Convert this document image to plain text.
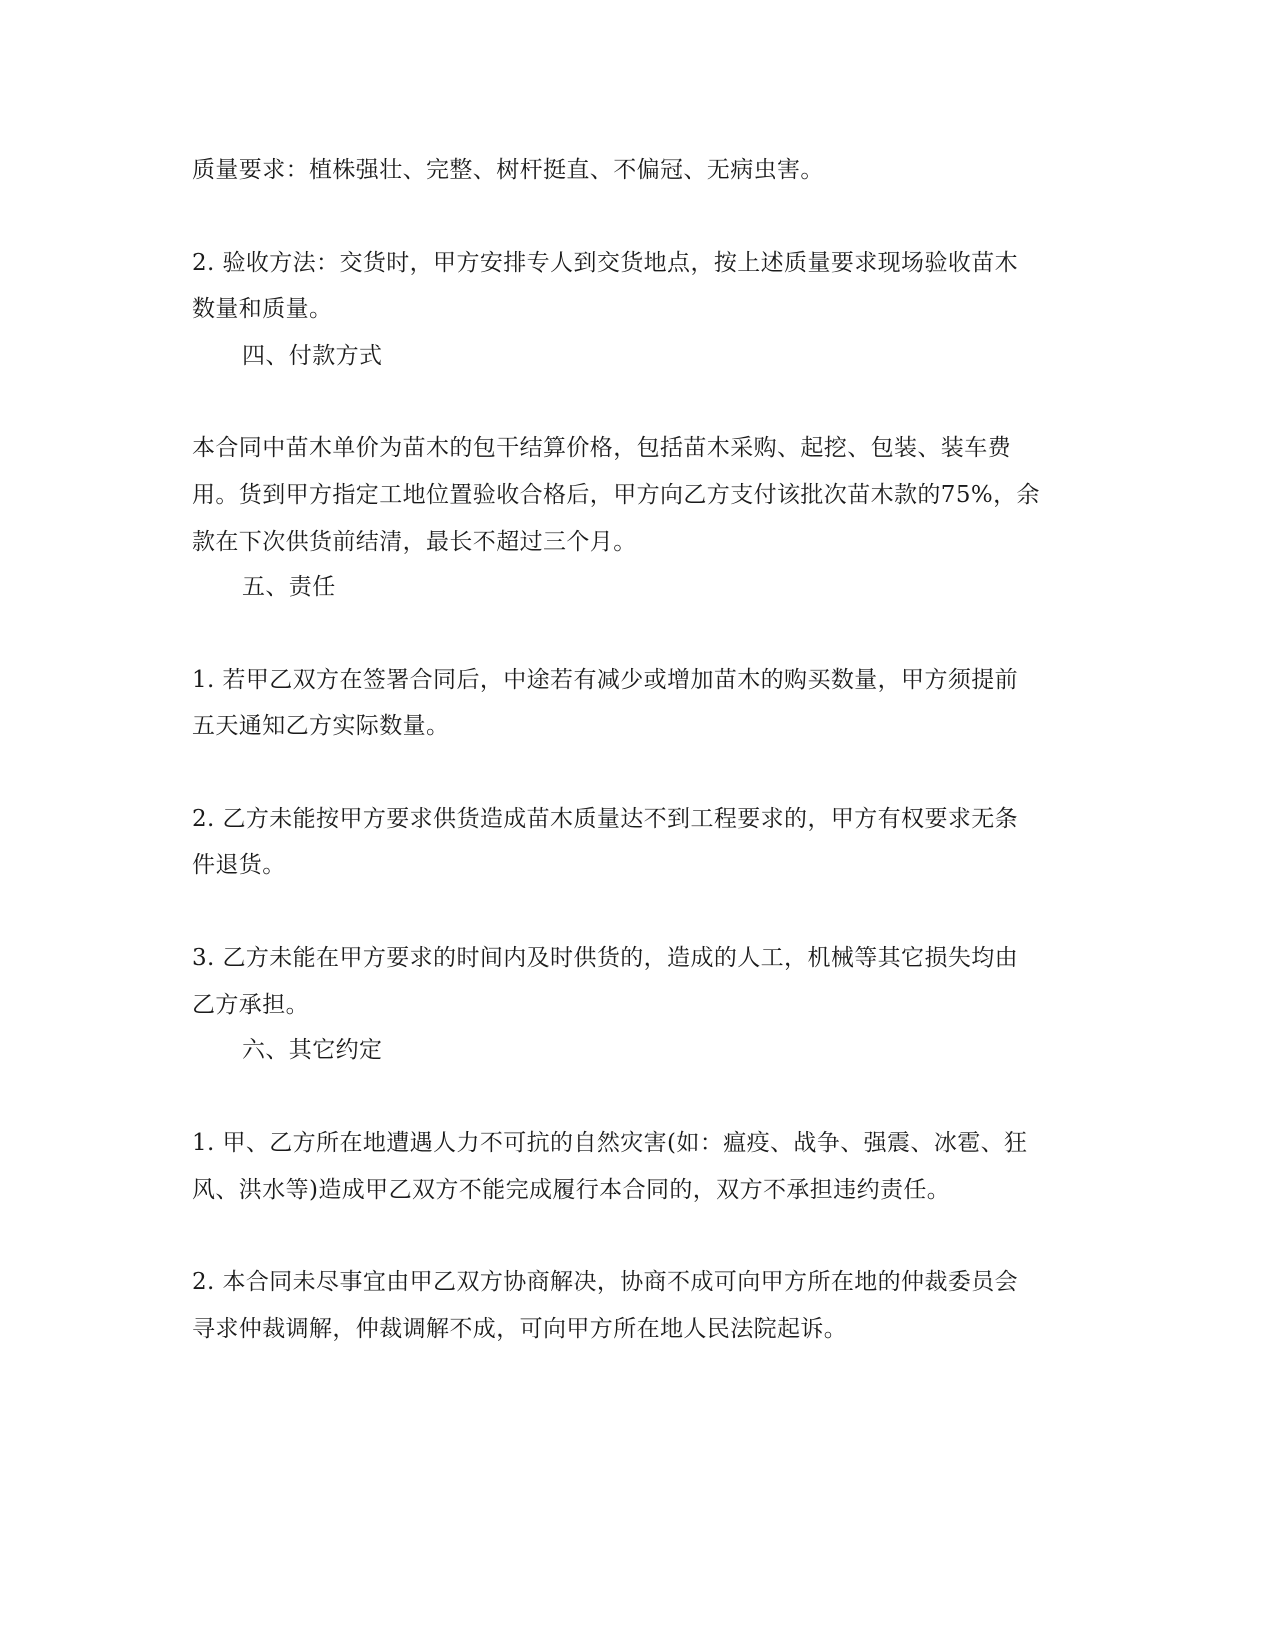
质量要求：植株强壮、完整、树杆挺直、不偏冠、无病虫害。
2. 验收方法：交货时，甲方安排专人到交货地点，按上述质量要求现场验收苗木
数量和质量。
四、付款方式
本合同中苗木单价为苗木的包干结算价格，包括苗木采购、起挖、包装、装车费
用。货到甲方指定工地位置验收合格后，甲方向乙方支付该批次苗木款的75%，余
款在下次供货前结清，最长不超过三个月。
五、责任
1. 若甲乙双方在签署合同后，中途若有减少或增加苗木的购买数量，甲方须提前
五天通知乙方实际数量。
2. 乙方未能按甲方要求供货造成苗木质量达不到工程要求的，甲方有权要求无条
件退货。
3. 乙方未能在甲方要求的时间内及时供货的，造成的人工，机械等其它损失均由
乙方承担。
六、其它约定
1. 甲、乙方所在地遭遇人力不可抗的自然灾害(如：瘟疫、战争、强震、冰雹、狂
风、洪水等)造成甲乙双方不能完成履行本合同的，双方不承担违约责任。
2. 本合同未尽事宜由甲乙双方协商解决，协商不成可向甲方所在地的仲裁委员会
寻求仲裁调解，仲裁调解不成，可向甲方所在地人民法院起诉。
